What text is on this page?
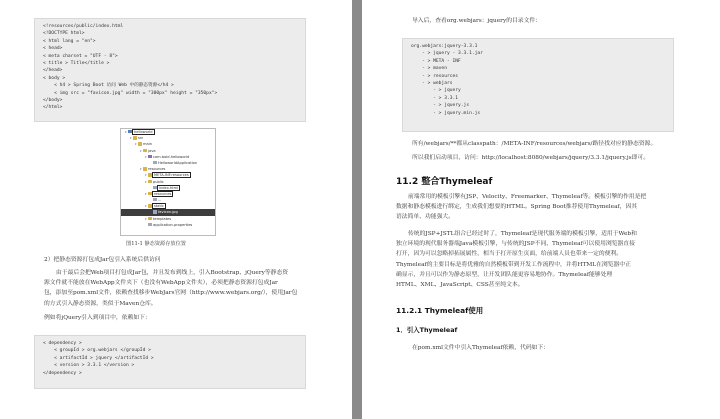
<!resources/public/index.html
<!DOCTYPE html>
< html lang = "en">
< head>
< meta charset = "UTF - 8">
< title > Title</title >
</head>
< body >
< h4 > Spring Boot 访问 Web 中的静态资源</h4 >
< img src = "favicon.jpg" width = "300px" height = "350px">
</body>
</html>
▾ helloworld
▾ src
▾ main
▾ java
▾ com.bold.helloworld
HelloworldApplication
▾ resources
▾ META-INF.resources
▾ public
index.html
▾ resources
...
▾ static
favicon.jpg
▾ templates
application.properties
图11-1 静态资源存放位置
2）把静态资源打包成Jar包引入系统后供访问
由于最后会把Web项目打包成Jar包，并且发布到线上，引入Bootstrap、jQuery等静态资
源文件就不能放在WebApp文件夹下（也没有WebApp文件夹），必须把静态资源打包成Jar
包，添加至pom.xml文件，依赖查找移步WebJars官网（http://www.webjars.org/），使用Jar包
的方式引入静态资源，类似于Maven仓库。
例如将jQuery引入到项目中，依赖如下：
< dependency >
< groupId > org.webjars </groupId >
< artifactId > jquery </artifactId >
< version > 3.3.1 </version >
</dependency >
导入后，查看org.webjars：jquery的目录文件：
org.webjars:jquery-3.3.1
- > jquery - 3.3.1.jar
- > META - INF
- > maven
- > resources
- > webjars
- > jquery
- > 3.3.1
- > jquery.js
- > jquery.min.js
所有/webjars/**都从classpath：/META-INF/resources/webjars/路径找对应的静态资源。
所以我们启动项目，访问：http://localhost:8080/webjars/jquery/3.3.1/jquery.js即可。
11.2 整合Thymeleaf
前端常用的模板引擎有JSP、Velocity、Freemarker、Thymeleaf等。模板引擎的作用是把
数据和静态模板进行绑定，生成我们想要的HTML。Spring Boot推荐使用Thymeleaf，因其
语法简单、功能强大。
传统的JSP+JSTL组合已经过时了，Thymeleaf是现代服务端的模板引擎，适用于Web和
独立环境的现代服务器端Java模板引擎，与传统的JSP不同，Thymeleaf可以使用浏览器直接
打开，因为可以忽略掉拓展属性，相当于打开原生页面，给前端人员也带来一定的便利。
Thymeleaf的主要目标是将优雅的自然模板带到开发工作流程中，并将HTML在浏览器中正
确显示，并且可以作为静态原型，让开发团队能更容易地协作。Thymeleaf能够处理
HTML、XML、JavaScript、CSS甚至纯文本。
11.2.1 Thymeleaf使用
1．引入Thymeleaf
在pom.xml文件中引入Thymeleaf依赖，代码如下：
